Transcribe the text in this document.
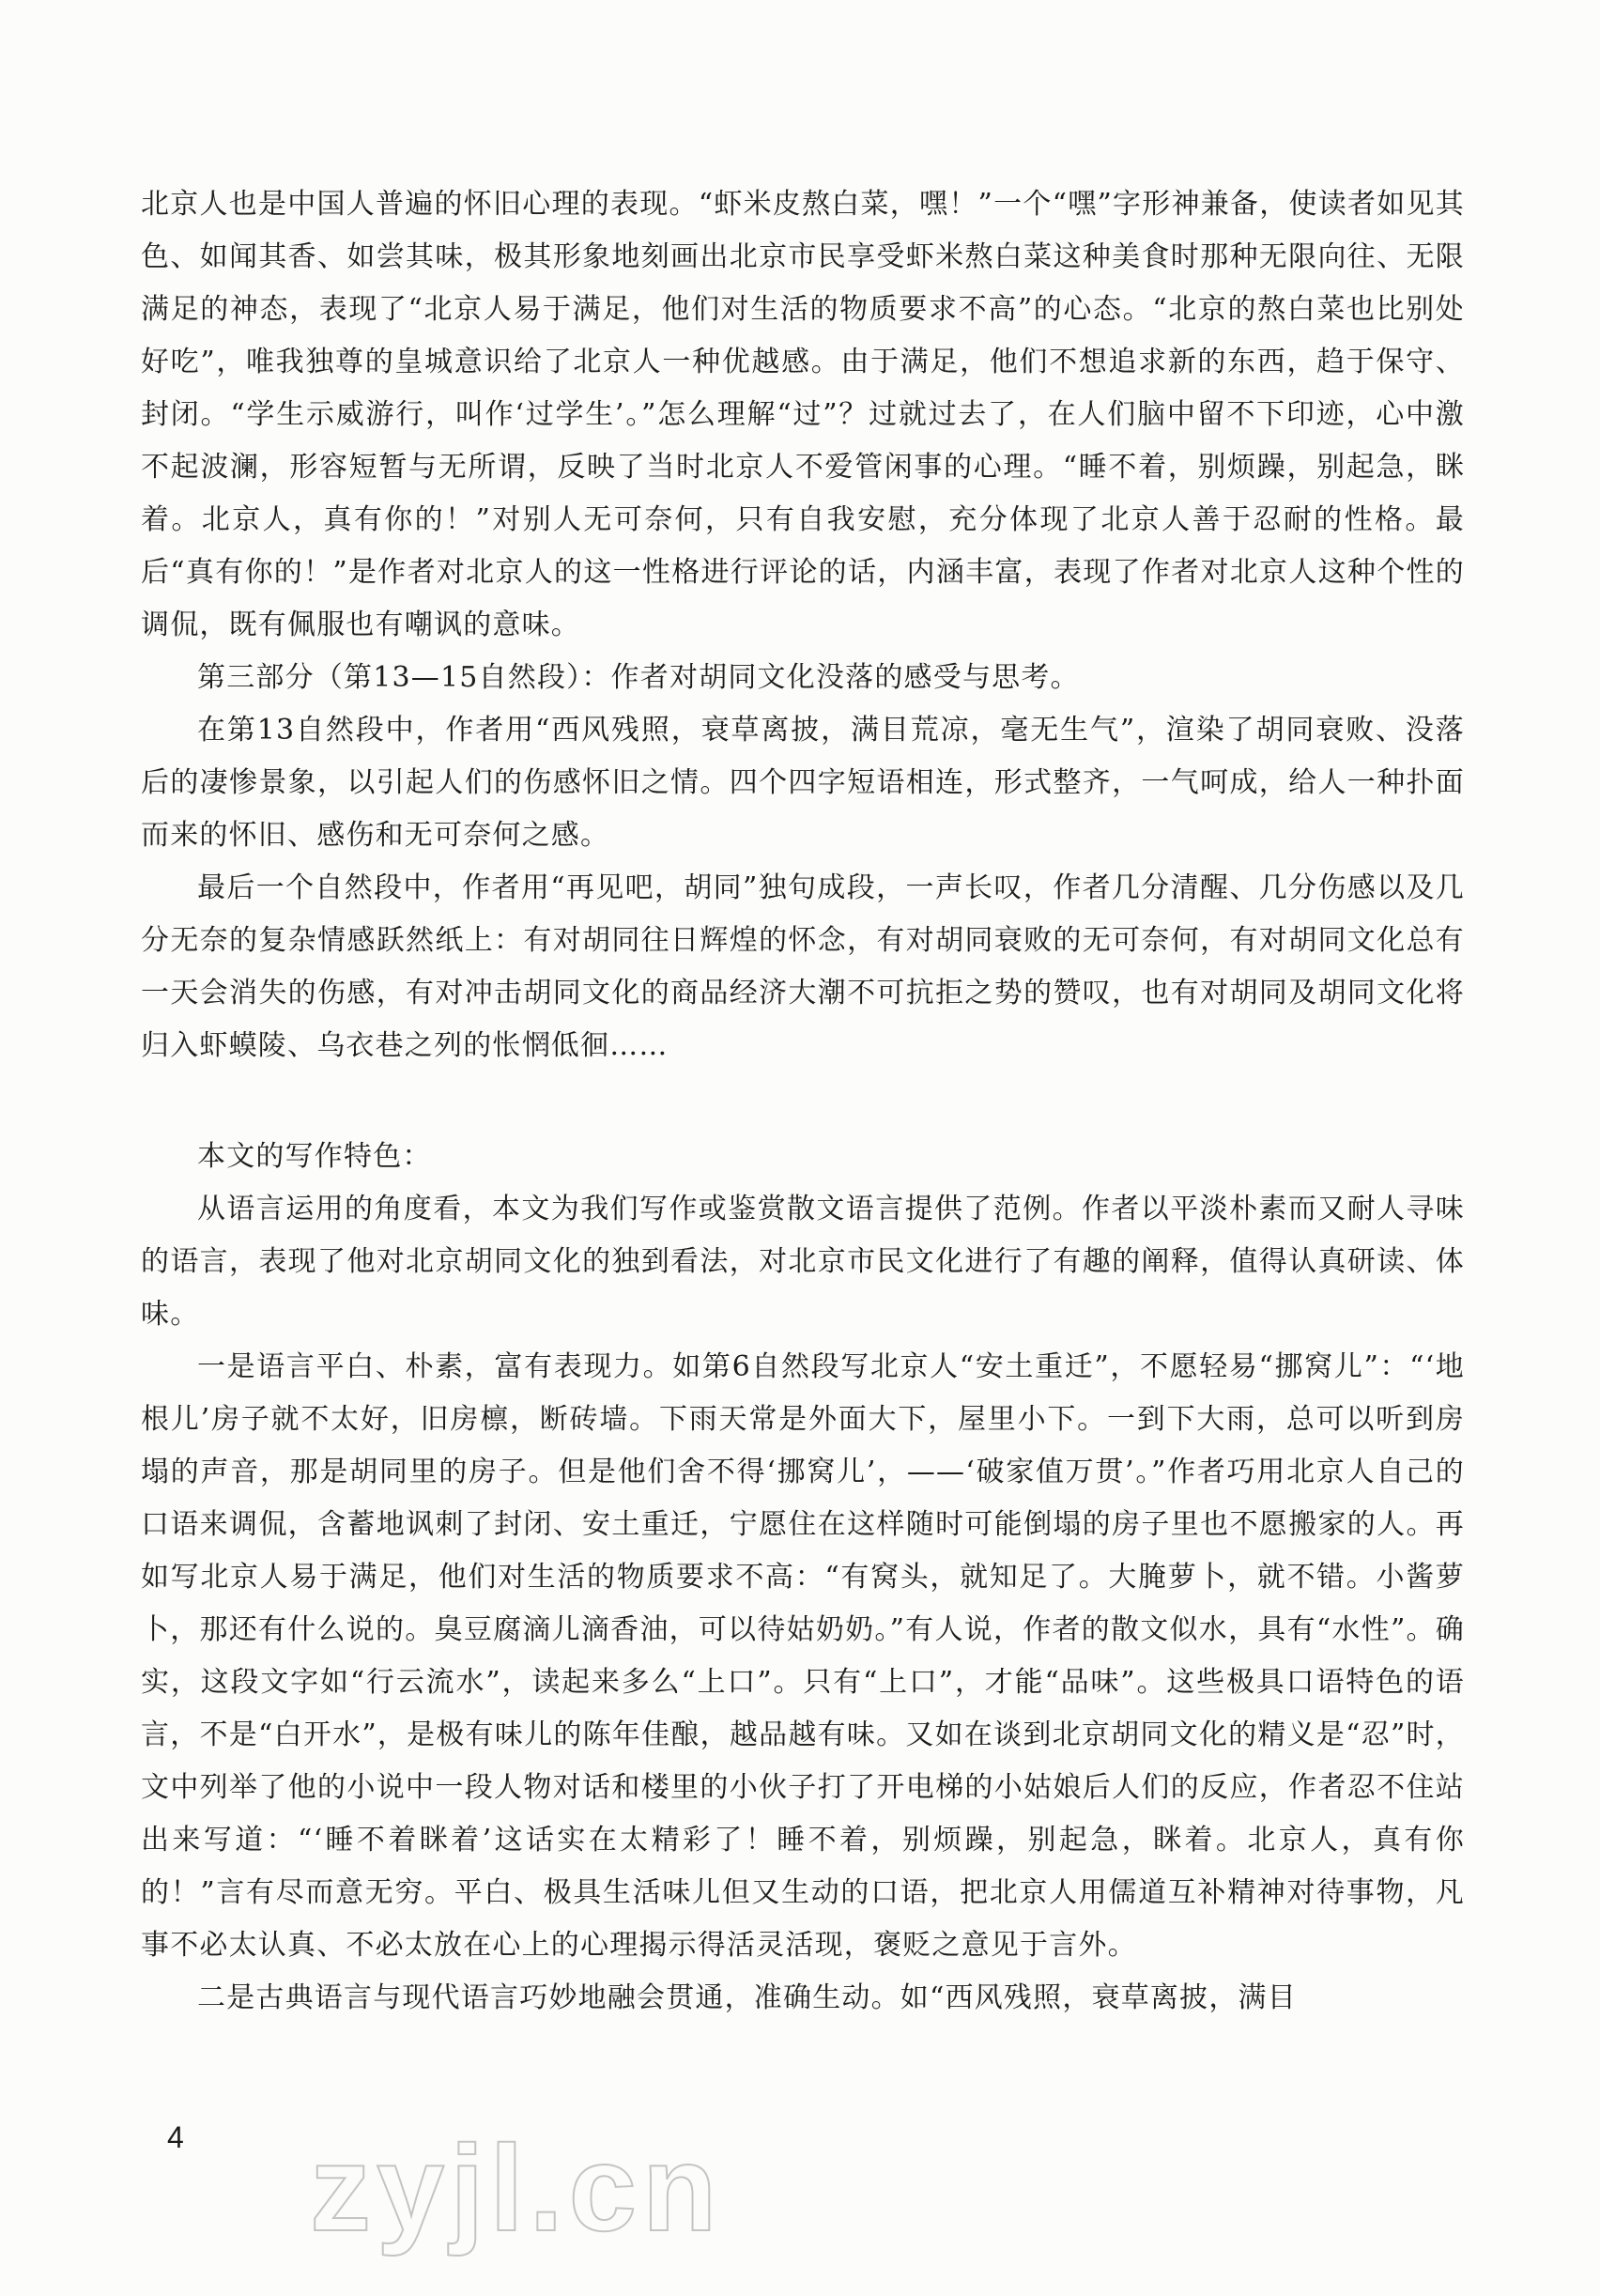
北京人也是中国人普遍的怀旧心理的表现。“虾米皮熬白菜，嘿！”一个“嘿”字形神兼备，使读者如见其色、如闻其香、如尝其味，极其形象地刻画出北京市民享受虾米熬白菜这种美食时那种无限向往、无限满足的神态，表现了“北京人易于满足，他们对生活的物质要求不高”的心态。“北京的熬白菜也比别处好吃”，唯我独尊的皇城意识给了北京人一种优越感。由于满足，他们不想追求新的东西，趋于保守、封闭。“学生示威游行，叫作‘过学生’。”怎么理解“过”？过就过去了，在人们脑中留不下印迹，心中激不起波澜，形容短暂与无所谓，反映了当时北京人不爱管闲事的心理。“睡不着，别烦躁，别起急，眯着。北京人，真有你的！”对别人无可奈何，只有自我安慰，充分体现了北京人善于忍耐的性格。最后“真有你的！”是作者对北京人的这一性格进行评论的话，内涵丰富，表现了作者对北京人这种个性的调侃，既有佩服也有嘲讽的意味。

第三部分（第13—15自然段）：作者对胡同文化没落的感受与思考。

在第13自然段中，作者用“西风残照，衰草离披，满目荒凉，毫无生气”，渲染了胡同衰败、没落后的凄惨景象，以引起人们的伤感怀旧之情。四个四字短语相连，形式整齐，一气呵成，给人一种扑面而来的怀旧、感伤和无可奈何之感。

最后一个自然段中，作者用“再见吧，胡同”独句成段，一声长叹，作者几分清醒、几分伤感以及几分无奈的复杂情感跃然纸上：有对胡同往日辉煌的怀念，有对胡同衰败的无可奈何，有对胡同文化总有一天会消失的伤感，有对冲击胡同文化的商品经济大潮不可抗拒之势的赞叹，也有对胡同及胡同文化将归入虾蟆陵、乌衣巷之列的怅惘低徊……

本文的写作特色：

从语言运用的角度看，本文为我们写作或鉴赏散文语言提供了范例。作者以平淡朴素而又耐人寻味的语言，表现了他对北京胡同文化的独到看法，对北京市民文化进行了有趣的阐释，值得认真研读、体味。

一是语言平白、朴素，富有表现力。如第6自然段写北京人“安土重迁”，不愿轻易“挪窝儿”：“‘地根儿’房子就不太好，旧房檩，断砖墙。下雨天常是外面大下，屋里小下。一到下大雨，总可以听到房塌的声音，那是胡同里的房子。但是他们舍不得‘挪窝儿’，——‘破家值万贯’。”作者巧用北京人自己的口语来调侃，含蓄地讽刺了封闭、安土重迁，宁愿住在这样随时可能倒塌的房子里也不愿搬家的人。再如写北京人易于满足，他们对生活的物质要求不高：“有窝头，就知足了。大腌萝卜，就不错。小酱萝卜，那还有什么说的。臭豆腐滴儿滴香油，可以待姑奶奶。”有人说，作者的散文似水，具有“水性”。确实，这段文字如“行云流水”，读起来多么“上口”。只有“上口”，才能“品味”。这些极具口语特色的语言，不是“白开水”，是极有味儿的陈年佳酿，越品越有味。又如在谈到北京胡同文化的精义是“忍”时，文中列举了他的小说中一段人物对话和楼里的小伙子打了开电梯的小姑娘后人们的反应，作者忍不住站出来写道：“‘睡不着眯着’这话实在太精彩了！睡不着，别烦躁，别起急，眯着。北京人，真有你的！”言有尽而意无穷。平白、极具生活味儿但又生动的口语，把北京人用儒道互补精神对待事物，凡事不必太认真、不必太放在心上的心理揭示得活灵活现，褒贬之意见于言外。

二是古典语言与现代语言巧妙地融会贯通，准确生动。如“西风残照，衰草离披，满目

4 zyjl.cn
